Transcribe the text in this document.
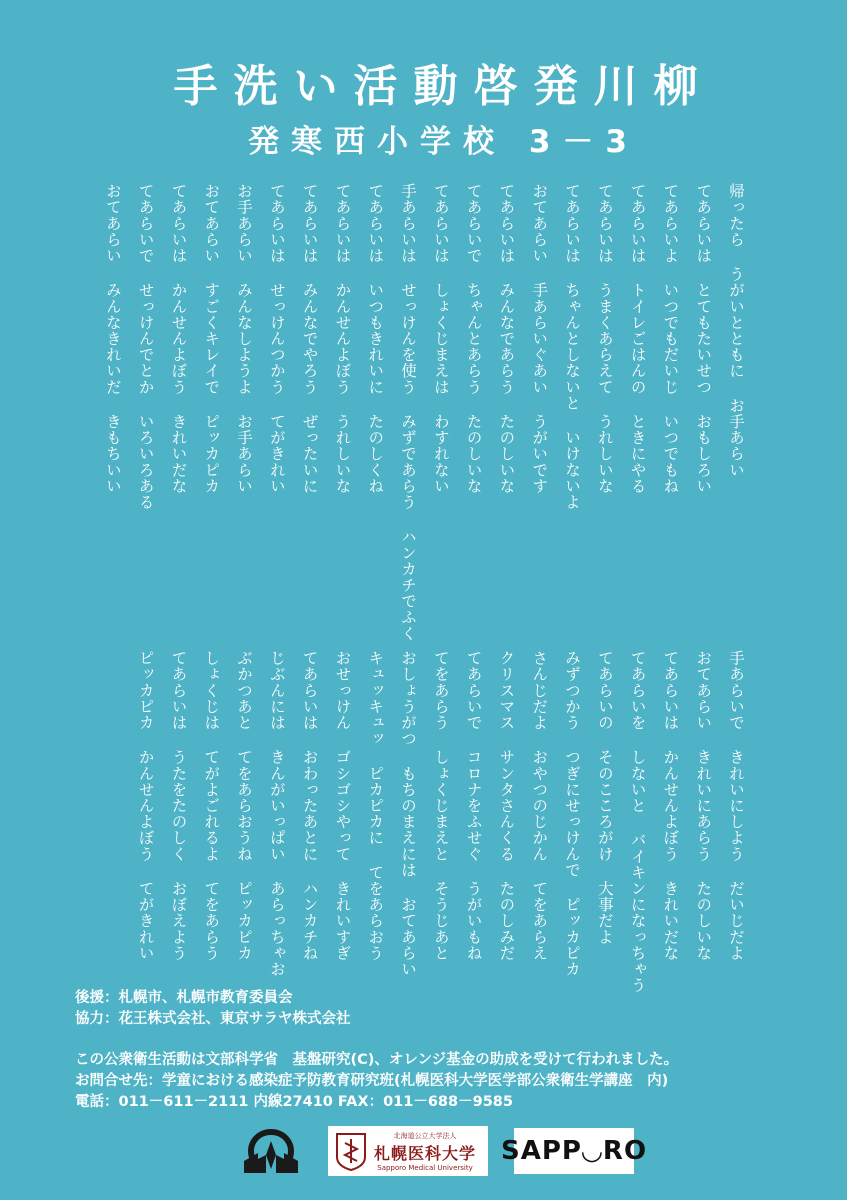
手洗い活動啓発川柳
発寒西小学校 3－3

帰ったら うがいとともに お手あらい

てあらいは とてもたいせつ おもしろい

てあらいよ いつでもだいじ いつでもね

てあらいは トイレごはんの ときにやる

てあらいは うまくあらえて うれしいな

てあらいは ちゃんとしないと いけないよ

おてあらい 手あらいぐあい うがいです

てあらいは みんなであらう たのしいな

てあらいで ちゃんとあらう たのしいな

てあらいは しょくじまえは わすれない

手あらいは せっけんを使う みずであらう ハンカチでふく

てあらいは いつもきれいに たのしくね

てあらいは かんせんよぼう うれしいな

てあらいは みんなでやろう ぜったいに

てあらいは せっけんつかう てがきれい

お手あらい みんなしようよ お手あらい

おてあらい すごくキレイで ピッカピカ

てあらいは かんせんよぼう きれいだな

てあらいで せっけんでとか いろいろある

おてあらい みんなきれいだ きもちいい

手あらいで きれいにしよう だいじだよ

おてあらい きれいにあらう たのしいな

てあらいは かんせんよぼう きれいだな

てあらいを しないと バイキンになっちゃう

てあらいの そのこころがけ 大事だよ

みずつかう つぎにせっけんで ピッカピカ

さんじだよ おやつのじかん てをあらえ

クリスマス サンタさんくる たのしみだ

てあらいで コロナをふせぐ うがいもね

てをあらう しょくじまえと そうじあと

おしょうがつ もちのまえには おてあらい

キュッキュッ ピカピカに てをあらおう

おせっけん ゴシゴシやって きれいすぎ

てあらいは おわったあとに ハンカチね

じぶんには きんがいっぱい あらっちゃお

ぶかつあと てをあらおうね ピッカピカ

しょくじは てがよごれるよ てをあらう

てあらいは うたをたのしく おぼえよう

ピッカピカ かんせんよぼう てがきれい

後援：札幌市、札幌市教育委員会
協力：花王株式会社、東京サラヤ株式会社
この公衆衛生活動は文部科学省　基盤研究(C)、オレンジ基金の助成を受けて行われました。
お問合せ先：学童における感染症予防教育研究班(札幌医科大学医学部公衆衛生学講座　内)
電話：011－611－2111 内線27410 FAX：011－688－9585
北海道公立大学法人
札幌医科大学
Sapporo Medical University
SAPP◡RO
